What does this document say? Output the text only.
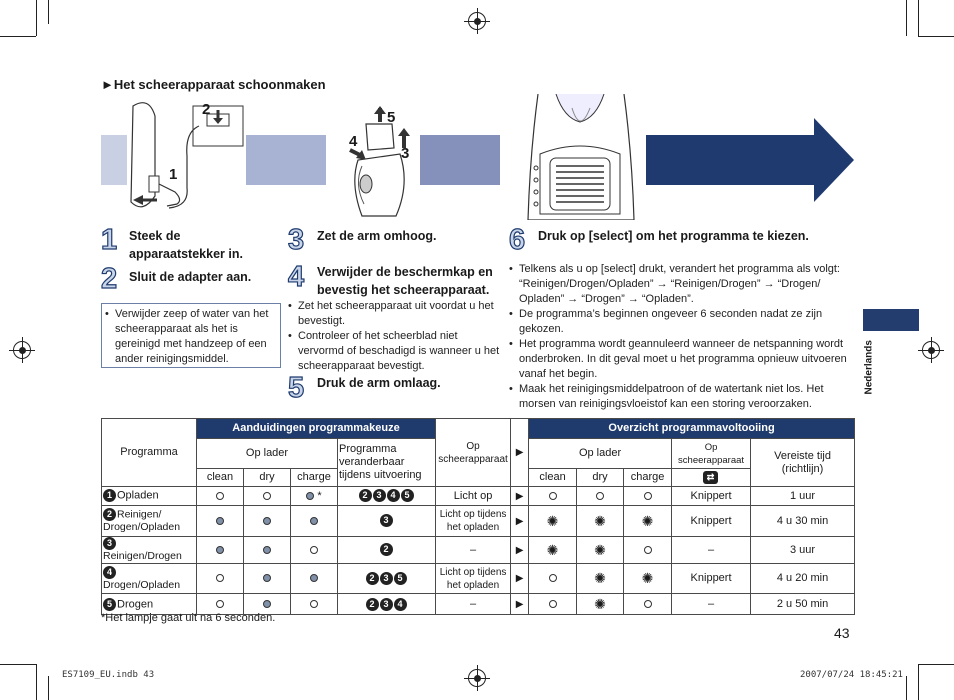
►Het scheerapparaat schoonmaken
1
2	5
4
3
1 Steek de apparaatstekker in.
2 Sluit de adapter aan.
• Verwijder zeep of water van het scheerapparaat als het is gereinigd met handzeep of een ander reinigingsmiddel.
3 Zet de arm omhoog.
4 Verwijder de beschermkap en bevestig het scheerapparaat.
• Zet het scheerapparaat uit voordat u het bevestigt.
• Controleer of het scheerblad niet vervormd of beschadigd is wanneer u het scheerapparaat bevestigt.
5 Druk de arm omlaag.
6 Druk op [select] om het programma te kiezen.
• Telkens als u op [select] drukt, verandert het programma als volgt: “Reinigen/Drogen/Opladen” → “Reinigen/Drogen” → “Drogen/ Opladen” → “Drogen” → “Opladen”.
• De programma’s beginnen ongeveer 6 seconden nadat ze zijn gekozen.
• Het programma wordt geannuleerd wanneer de netspanning wordt onderbroken. In dit geval moet u het programma opnieuw uitvoeren vanaf het begin.
• Maak het reinigingsmiddelpatroon of de watertank niet los. Het morsen van reinigingsvloeistof kan een storing veroorzaken.
Nederlands
Programma	Aanduidingen programmakeuze				Op scheerapparaat	▶	Overzicht programmavoltooiing				
	Op lader			Programma veranderbaar tijdens uitvoering			Op lader			Op scheerapparaat	Vereiste tijd (richtlijn)
	clean	dry	charge				clean	dry	charge	⇄	
1 Opladen			*	2 3 4 5	Licht op	▶				Knippert	1 uur
2 Reinigen/ Drogen/Opladen				3	Licht op tijdens het opladen	▶	✺	✺	✺	Knippert	4 u 30 min
3Reinigen/Drogen				2	–	▶	✺	✺		–	3 uur
4Drogen/Opladen				2 3 5	Licht op tijdens het opladen	▶		✺	✺	Knippert	4 u 20 min
5 Drogen				2 3 4	–	▶		✺		–	2 u 50 min
*Het lampje gaat uit na 6 seconden.
43
ES7109_EU.indb 43	2007/07/24 18:45:21
